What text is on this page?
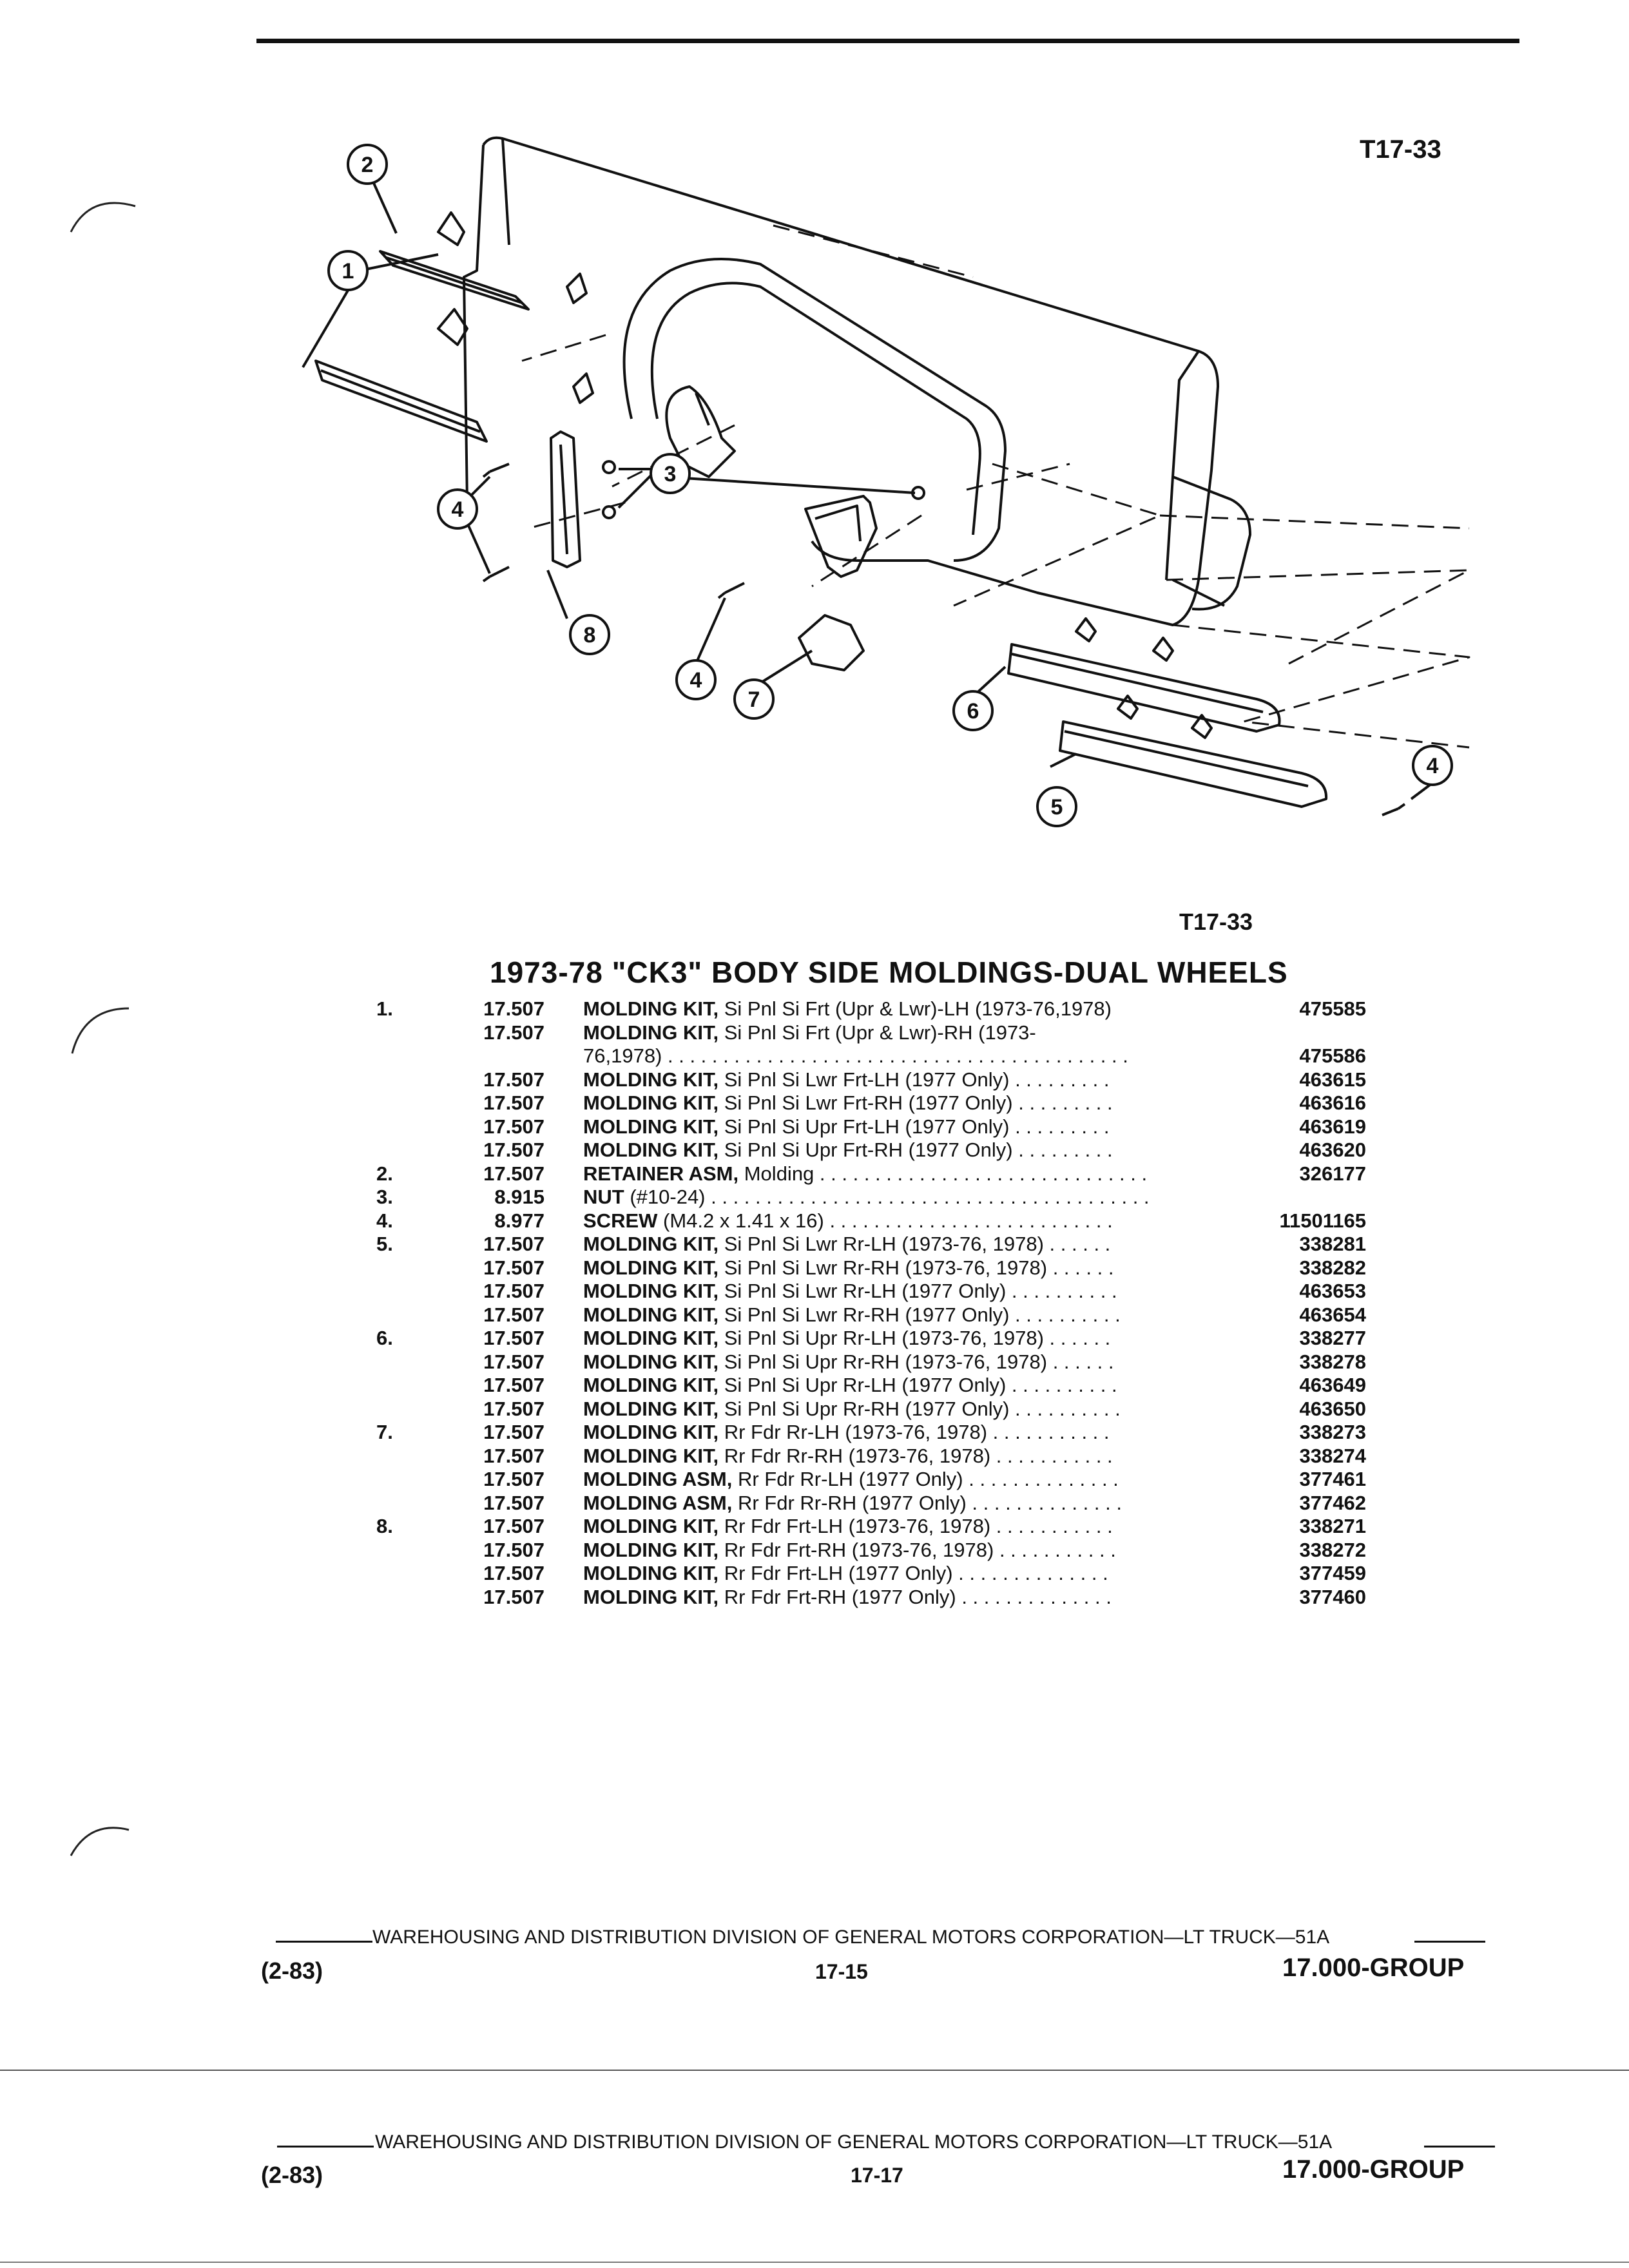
T17-33
1
2
3
4
4
4
5
6
7
8
T17-33
1973-78 "CK3" BODY SIDE MOLDINGS-DUAL WHEELS
1.	17.507 MOLDING KIT, Si Pnl Si Frt (Upr & Lwr)-LH (1973-76,1978)	475585
17.507 MOLDING KIT, Si Pnl Si Frt (Upr & Lwr)-RH (1973-
76,1978) . . . . . . . . . . . . . . . . . . . . . . . . . . . . . . . . . . . . . . . . . .	475586
17.507 MOLDING KIT, Si Pnl Si Lwr Frt-LH (1977 Only) . . . . . . . . .	463615
17.507 MOLDING KIT, Si Pnl Si Lwr Frt-RH (1977 Only) . . . . . . . . .	463616
17.507 MOLDING KIT, Si Pnl Si Upr Frt-LH (1977 Only) . . . . . . . . .	463619
17.507 MOLDING KIT, Si Pnl Si Upr Frt-RH (1977 Only) . . . . . . . . .	463620
2.	17.507 RETAINER ASM, Molding . . . . . . . . . . . . . . . . . . . . . . . . . . . . . .	326177
3.	8.915 NUT (#10-24) . . . . . . . . . . . . . . . . . . . . . . . . . . . . . . . . . . . . . . . .
4.	8.977 SCREW (M4.2 x 1.41 x 16) . . . . . . . . . . . . . . . . . . . . . . . . . .	11501165
5.	17.507 MOLDING KIT, Si Pnl Si Lwr Rr-LH (1973-76, 1978) . . . . . .	338281
17.507 MOLDING KIT, Si Pnl Si Lwr Rr-RH (1973-76, 1978) . . . . . .	338282
17.507 MOLDING KIT, Si Pnl Si Lwr Rr-LH (1977 Only) . . . . . . . . . .	463653
17.507 MOLDING KIT, Si Pnl Si Lwr Rr-RH (1977 Only) . . . . . . . . . .	463654
6.	17.507 MOLDING KIT, Si Pnl Si Upr Rr-LH (1973-76, 1978) . . . . . .	338277
17.507 MOLDING KIT, Si Pnl Si Upr Rr-RH (1973-76, 1978) . . . . . .	338278
17.507 MOLDING KIT, Si Pnl Si Upr Rr-LH (1977 Only) . . . . . . . . . .	463649
17.507 MOLDING KIT, Si Pnl Si Upr Rr-RH (1977 Only) . . . . . . . . . .	463650
7.	17.507 MOLDING KIT, Rr Fdr Rr-LH (1973-76, 1978) . . . . . . . . . . .	338273
17.507 MOLDING KIT, Rr Fdr Rr-RH (1973-76, 1978) . . . . . . . . . . .	338274
17.507 MOLDING ASM, Rr Fdr Rr-LH (1977 Only) . . . . . . . . . . . . . .	377461
17.507 MOLDING ASM, Rr Fdr Rr-RH (1977 Only) . . . . . . . . . . . . . .	377462
8.	17.507 MOLDING KIT, Rr Fdr Frt-LH (1973-76, 1978) . . . . . . . . . . .	338271
17.507 MOLDING KIT, Rr Fdr Frt-RH (1973-76, 1978) . . . . . . . . . . .	338272
17.507 MOLDING KIT, Rr Fdr Frt-LH (1977 Only) . . . . . . . . . . . . . .	377459
17.507 MOLDING KIT, Rr Fdr Frt-RH (1977 Only) . . . . . . . . . . . . . .	377460
WAREHOUSING AND DISTRIBUTION DIVISION OF GENERAL MOTORS CORPORATION—LT TRUCK—51A
(2-83)	17-15	17.000-GROUP
WAREHOUSING AND DISTRIBUTION DIVISION OF GENERAL MOTORS CORPORATION—LT TRUCK—51A
(2-83)	17-17	17.000-GROUP
